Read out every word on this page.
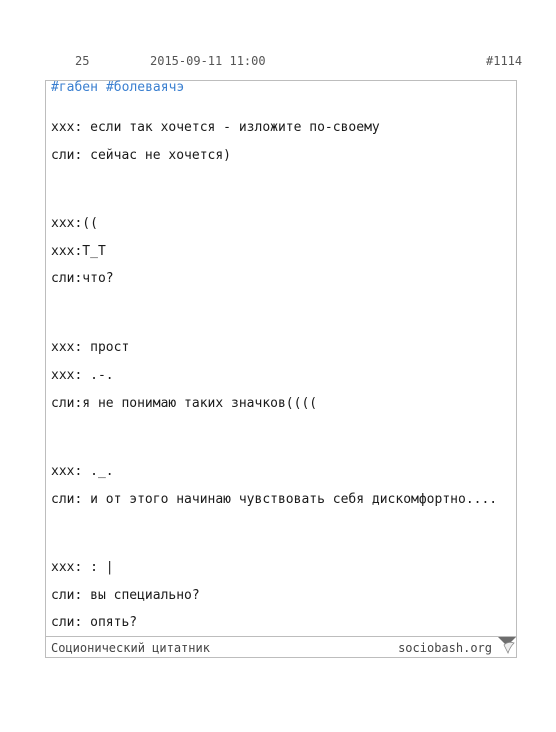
25	2015-09-11 11:00	#1114
#габен #болеваячэ
xxx: если так хочется - изложите по-своему
сли: сейчас не хочется)
xxx:((
xxx:T_T
сли:что?
xxx: прост
xxx: .-.
сли:я не понимаю таких значков((((
xxx: ._.
сли: и от этого начинаю чувствовать себя дискомфортно....
xxx: : |
сли: вы специально?
сли: опять?
Соционический цитатник	sociobash.org
